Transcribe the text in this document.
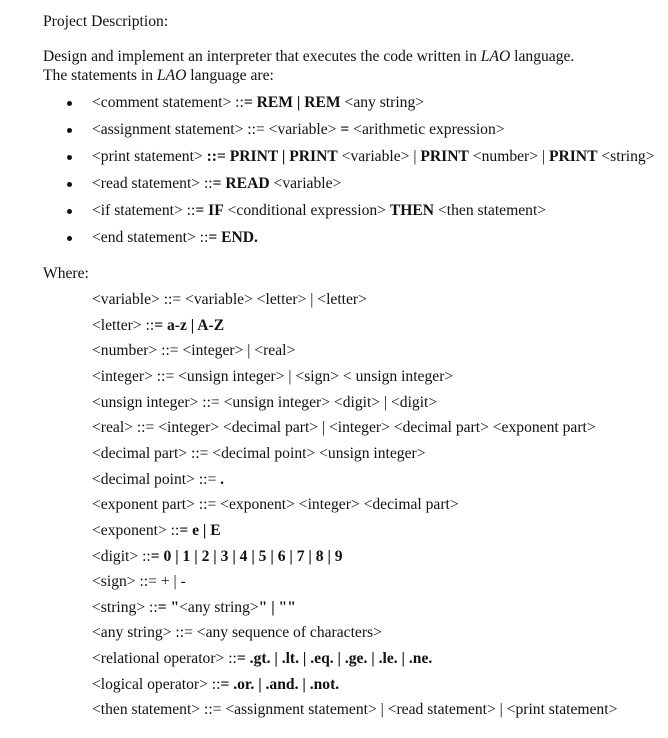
Project Description:
Design and implement an interpreter that executes the code written in LAO language.
The statements in LAO language are:
<comment statement> ::= REM | REM <any string>
<assignment statement> ::= <variable> = <arithmetic expression>
<print statement> ::= PRINT | PRINT <variable> | PRINT <number> | PRINT <string>
<read statement> ::= READ <variable>
<if statement> ::= IF <conditional expression> THEN <then statement>
<end statement> ::= END.
Where:
<variable> ::= <variable> <letter> | <letter>
<letter> ::= a-z | A-Z
<number> ::= <integer> | <real>
<integer> ::= <unsign integer> | <sign> < unsign integer>
<unsign integer> ::= <unsign integer> <digit> | <digit>
<real> ::= <integer> <decimal part> | <integer> <decimal part> <exponent part>
<decimal part> ::= <decimal point> <unsign integer>
<decimal point> ::= .
<exponent part> ::= <exponent> <integer> <decimal part>
<exponent> ::= e | E
<digit> ::= 0 | 1 | 2 | 3 | 4 | 5 | 6 | 7 | 8 | 9
<sign> ::= + | -
<string> ::= "<any string>" | ""
<any string> ::= <any sequence of characters>
<relational operator> ::= .gt. | .lt. | .eq. | .ge. | .le. | .ne.
<logical operator> ::= .or. | .and. | .not.
<then statement> ::= <assignment statement> | <read statement> | <print statement>
